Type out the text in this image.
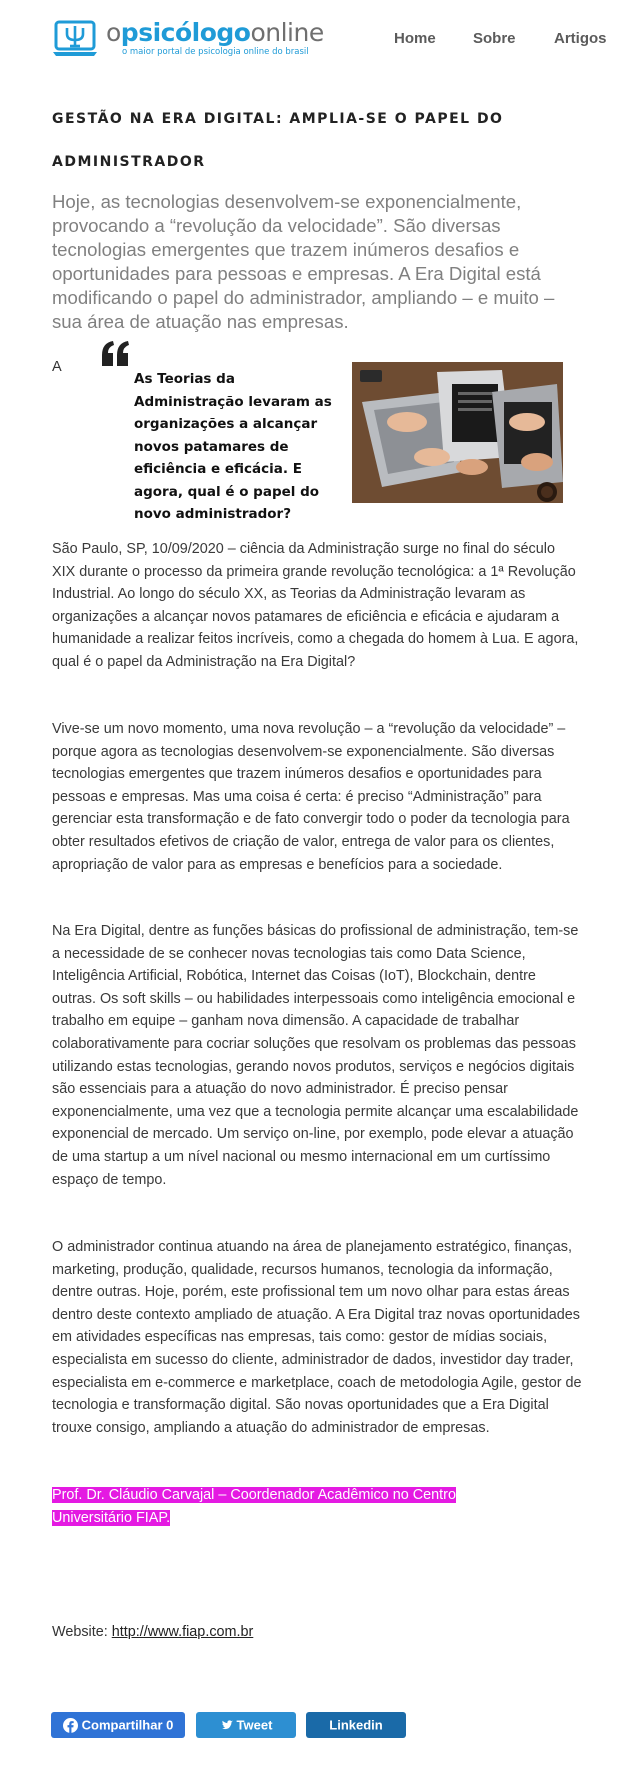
opsicólogoonline
o maior portal de psicologia online do brasil
Home Sobre	Artigos
GESTÃO NA ERA DIGITAL: AMPLIA-SE O PAPEL DO ADMINISTRADOR

Hoje, as tecnologias desenvolvem-se exponencialmente, provocando a “revolução da velocidade”. São diversas tecnologias emergentes que trazem inúmeros desafios e oportunidades para pessoas e empresas. A Era Digital está modificando o papel do administrador, ampliando – e muito – sua área de atuação nas empresas.

A
As Teorias da Administração levaram as organizações a alcançar novos patamares de eficiência e eficácia. E agora, qual é o papel do novo administrador?

São Paulo, SP, 10/09/2020 – ciência da Administração surge no final do século XIX durante o processo da primeira grande revolução tecnológica: a 1ª Revolução Industrial. Ao longo do século XX, as Teorias da Administração levaram as organizações a alcançar novos patamares de eficiência e eficácia e ajudaram a humanidade a realizar feitos incríveis, como a chegada do homem à Lua. E agora, qual é o papel da Administração na Era Digital?

Vive-se um novo momento, uma nova revolução – a “revolução da velocidade” – porque agora as tecnologias desenvolvem-se exponencialmente. São diversas tecnologias emergentes que trazem inúmeros desafios e oportunidades para pessoas e empresas. Mas uma coisa é certa: é preciso “Administração” para gerenciar esta transformação e de fato convergir todo o poder da tecnologia para obter resultados efetivos de criação de valor, entrega de valor para os clientes, apropriação de valor para as empresas e benefícios para a sociedade.

Na Era Digital, dentre as funções básicas do profissional de administração, tem-se a necessidade de se conhecer novas tecnologias tais como Data Science, Inteligência Artificial, Robótica, Internet das Coisas (IoT), Blockchain, dentre outras. Os soft skills – ou habilidades interpessoais como inteligência emocional e trabalho em equipe – ganham nova dimensão. A capacidade de trabalhar colaborativamente para cocriar soluções que resolvam os problemas das pessoas utilizando estas tecnologias, gerando novos produtos, serviços e negócios digitais são essenciais para a atuação do novo administrador. É preciso pensar exponencialmente, uma vez que a tecnologia permite alcançar uma escalabilidade exponencial de mercado. Um serviço on-line, por exemplo, pode elevar a atuação de uma startup a um nível nacional ou mesmo internacional em um curtíssimo espaço de tempo.

O administrador continua atuando na área de planejamento estratégico, finanças, marketing, produção, qualidade, recursos humanos, tecnologia da informação, dentre outras. Hoje, porém, este profissional tem um novo olhar para estas áreas dentro deste contexto ampliado de atuação. A Era Digital traz novas oportunidades em atividades específicas nas empresas, tais como: gestor de mídias sociais, especialista em sucesso do cliente, administrador de dados, investidor day trader, especialista em e-commerce e marketplace, coach de metodologia Agile, gestor de tecnologia e transformação digital. São novas oportunidades que a Era Digital trouxe consigo, ampliando a atuação do administrador de empresas.

Prof. Dr. Cláudio Carvajal – Coordenador Acadêmico no Centro Universitário FIAP.

Website: http://www.fiap.com.br

Compartilhar 0	Tweet	Linkedin
